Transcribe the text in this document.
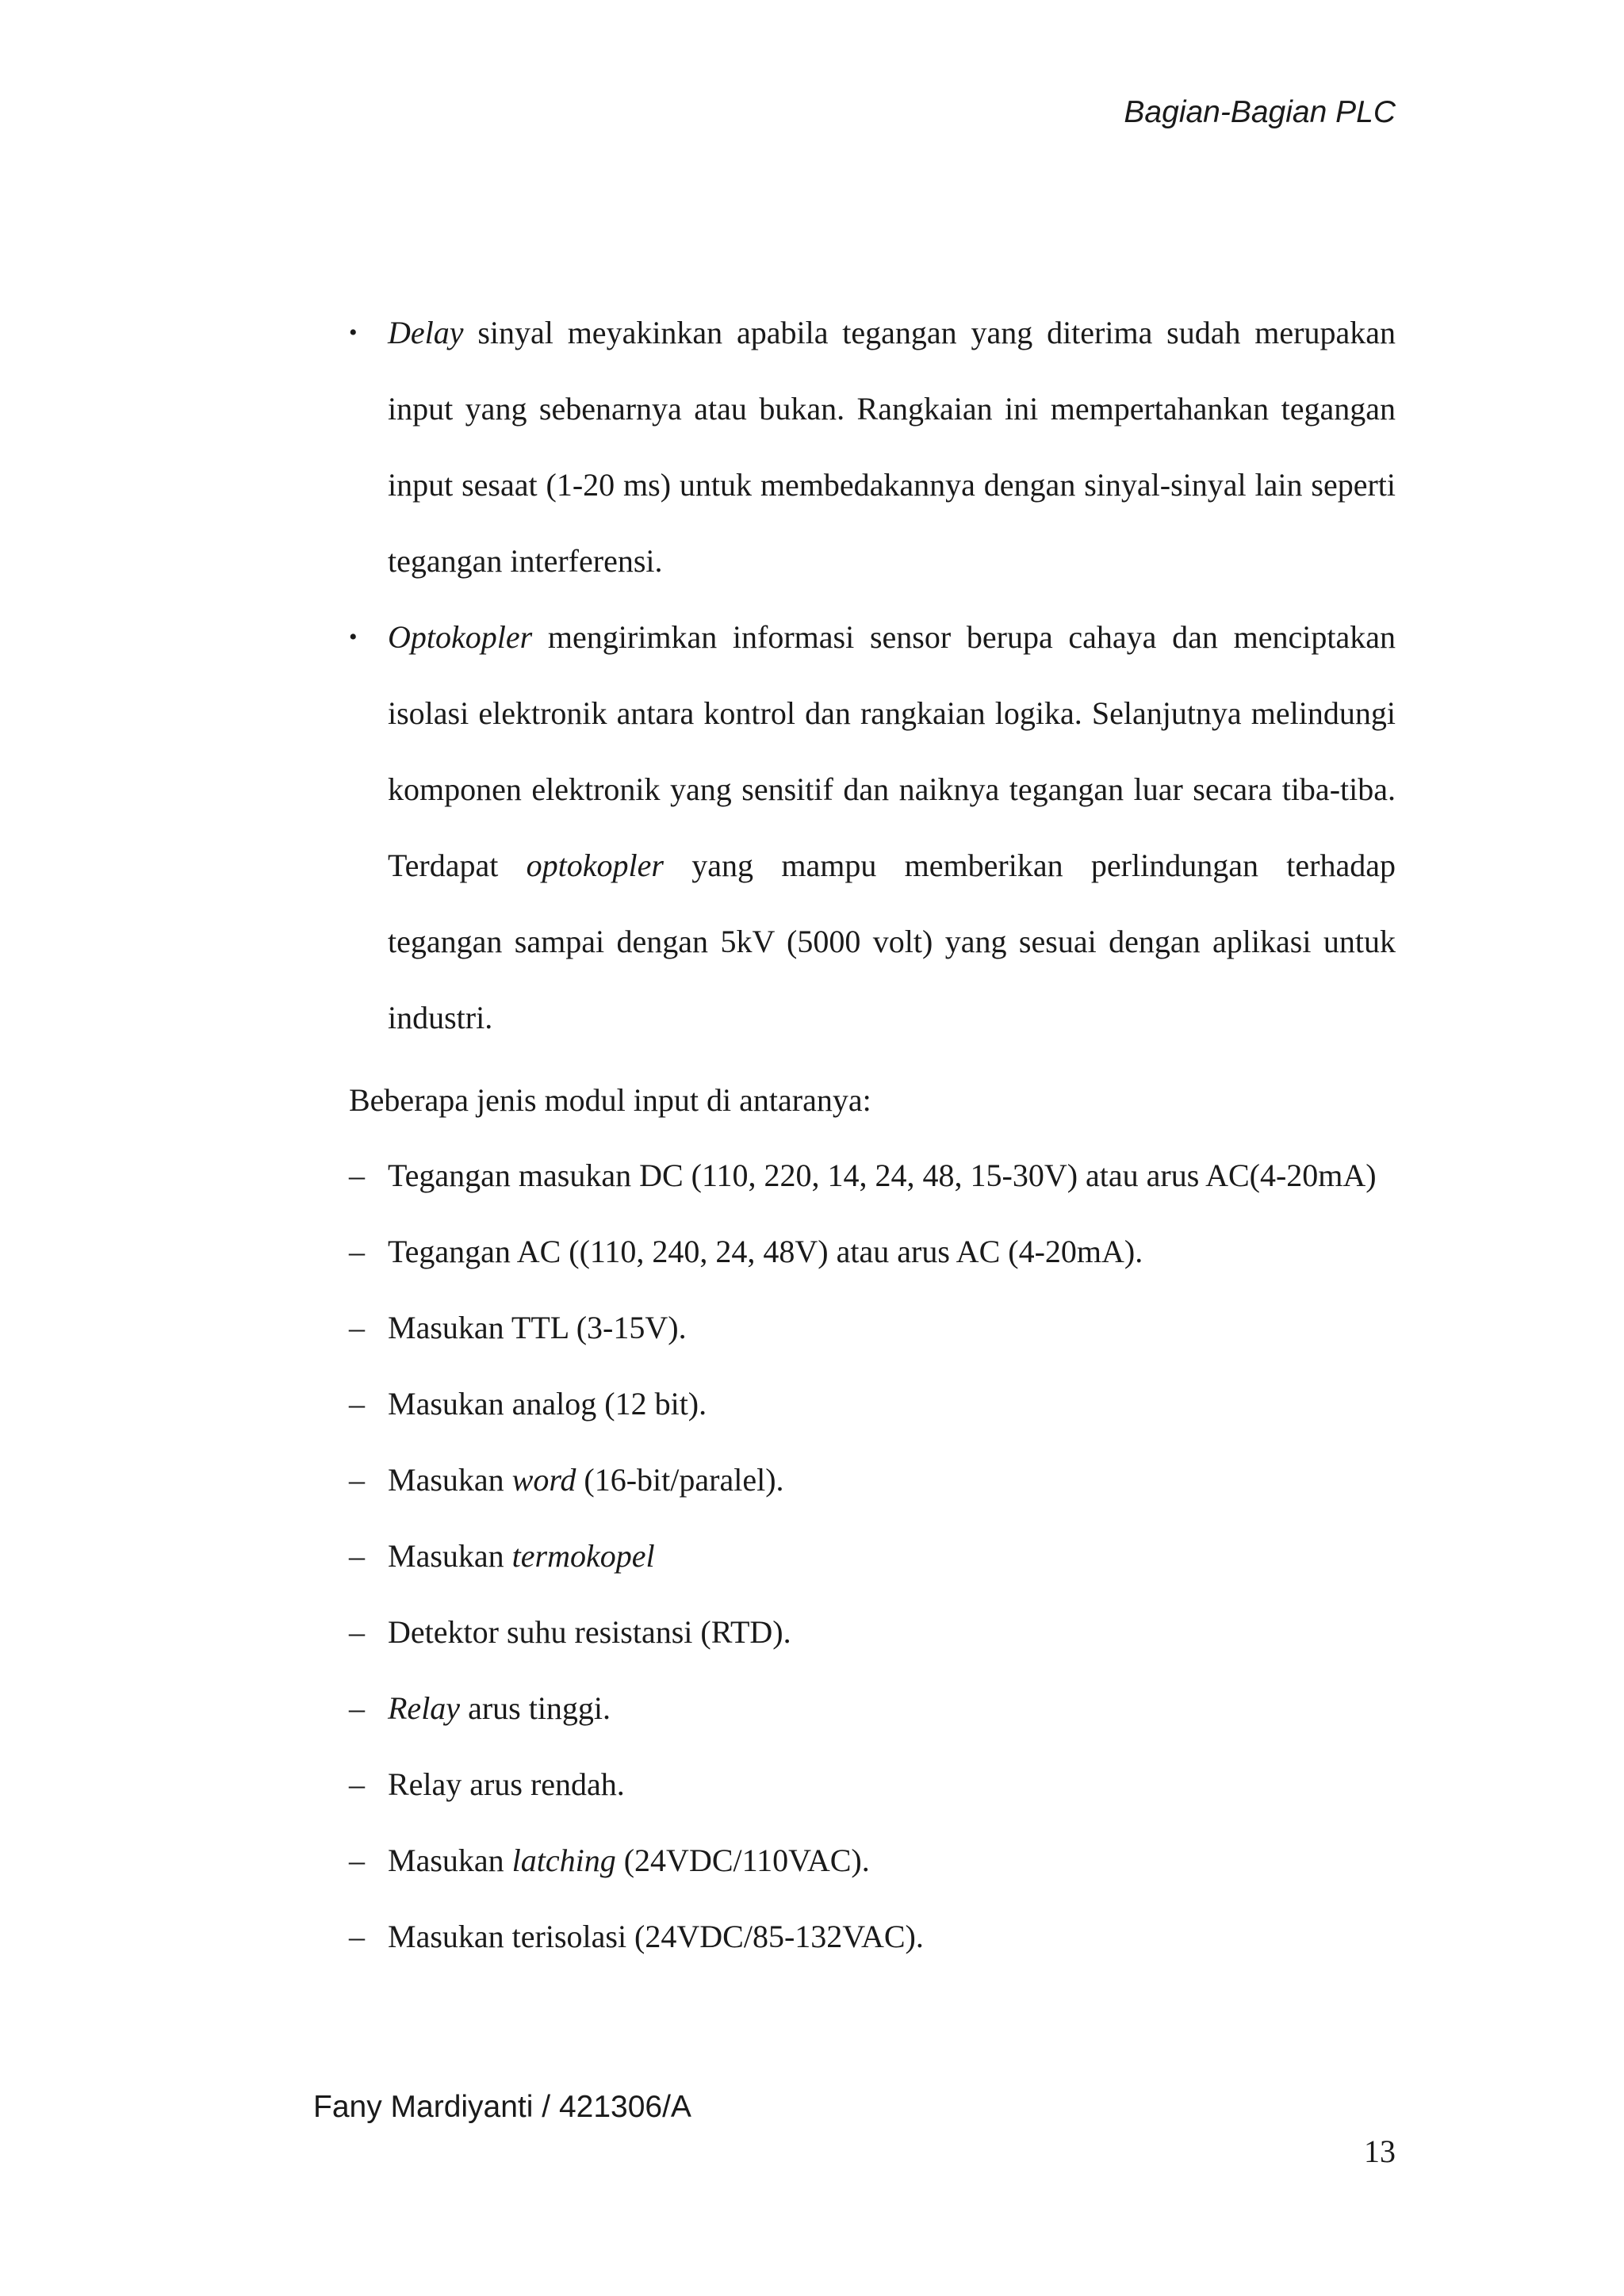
Bagian-Bagian PLC
• Delay sinyal meyakinkan apabila tegangan yang diterima sudah merupakan input yang sebenarnya atau bukan. Rangkaian ini mempertahankan tegangan input sesaat (1-20 ms) untuk membedakannya dengan sinyal-sinyal lain seperti tegangan interferensi.
• Optokopler mengirimkan informasi sensor berupa cahaya dan menciptakan isolasi elektronik antara kontrol dan rangkaian logika. Selanjutnya melindungi komponen elektronik yang sensitif dan naiknya tegangan luar secara tiba-tiba. Terdapat optokopler yang mampu memberikan perlindungan terhadap tegangan sampai dengan 5kV (5000 volt) yang sesuai dengan aplikasi untuk industri.
Beberapa jenis modul input di antaranya:
– Tegangan masukan DC (110, 220, 14, 24, 48, 15-30V) atau arus AC(4-20mA)
– Tegangan AC ((110, 240, 24, 48V) atau arus AC (4-20mA).
– Masukan TTL (3-15V).
– Masukan analog (12 bit).
– Masukan word (16-bit/paralel).
– Masukan termokopel
– Detektor suhu resistansi (RTD).
– Relay arus tinggi.
– Relay arus rendah.
– Masukan latching (24VDC/110VAC).
– Masukan terisolasi (24VDC/85-132VAC).
Fany Mardiyanti / 421306/A
13
